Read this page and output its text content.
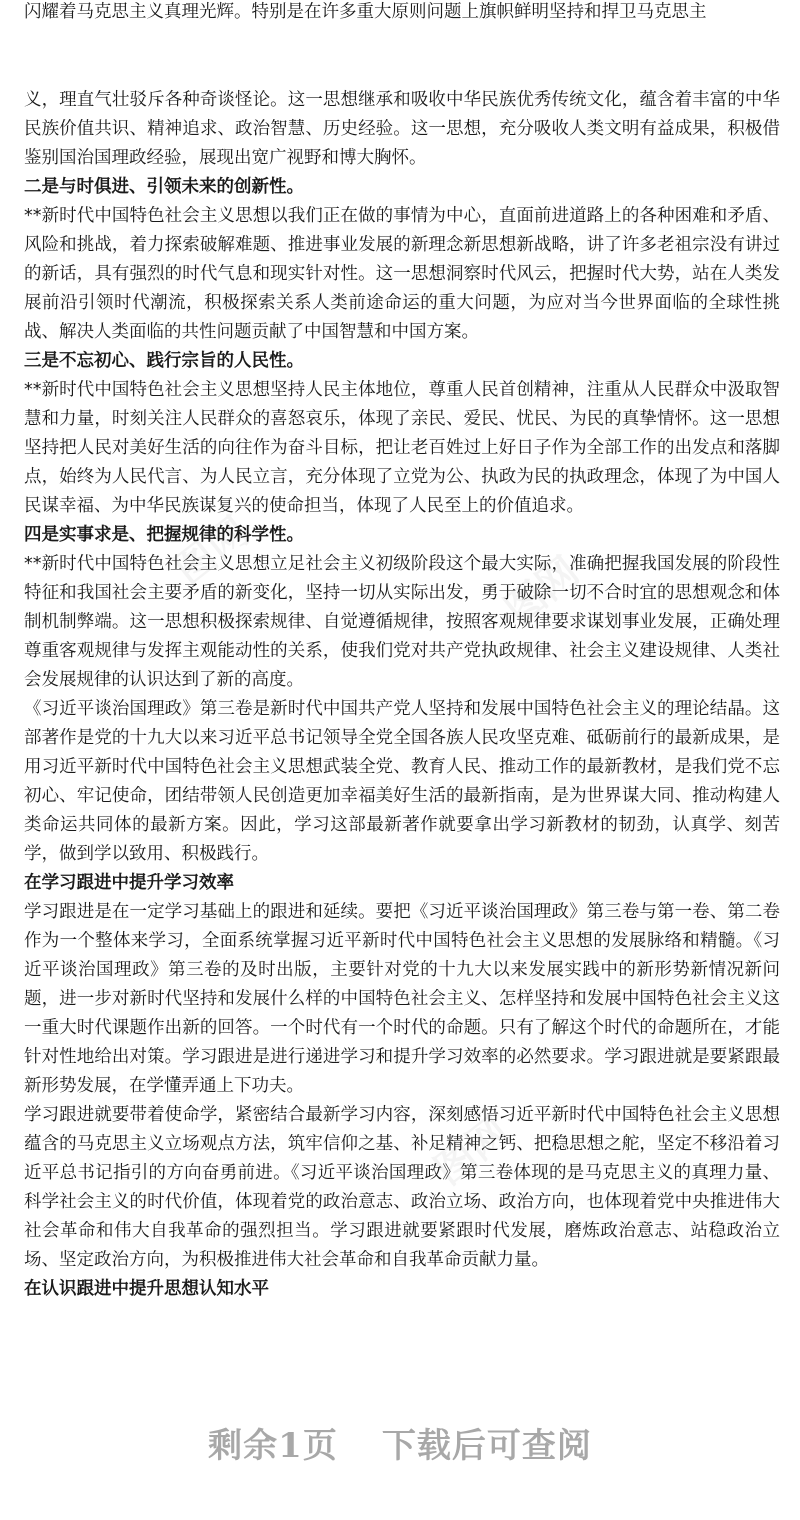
闪耀着马克思主义真理光辉。特别是在许多重大原则问题上旗帜鲜明坚持和捍卫马克思主

义，理直气壮驳斥各种奇谈怪论。这一思想继承和吸收中华民族优秀传统文化，蕴含着丰富的中华民族价值共识、精神追求、政治智慧、历史经验。这一思想，充分吸收人类文明有益成果，积极借鉴别国治国理政经验，展现出宽广视野和博大胸怀。

二是与时俱进、引领未来的创新性。

**新时代中国特色社会主义思想以我们正在做的事情为中心，直面前进道路上的各种困难和矛盾、风险和挑战，着力探索破解难题、推进事业发展的新理念新思想新战略，讲了许多老祖宗没有讲过的新话，具有强烈的时代气息和现实针对性。这一思想洞察时代风云，把握时代大势，站在人类发展前沿引领时代潮流，积极探索关系人类前途命运的重大问题，为应对当今世界面临的全球性挑战、解决人类面临的共性问题贡献了中国智慧和中国方案。

三是不忘初心、践行宗旨的人民性。

**新时代中国特色社会主义思想坚持人民主体地位，尊重人民首创精神，注重从人民群众中汲取智慧和力量，时刻关注人民群众的喜怒哀乐，体现了亲民、爱民、忧民、为民的真挚情怀。这一思想坚持把人民对美好生活的向往作为奋斗目标，把让老百姓过上好日子作为全部工作的出发点和落脚点，始终为人民代言、为人民立言，充分体现了立党为公、执政为民的执政理念，体现了为中国人民谋幸福、为中华民族谋复兴的使命担当，体现了人民至上的价值追求。

四是实事求是、把握规律的科学性。

**新时代中国特色社会主义思想立足社会主义初级阶段这个最大实际，准确把握我国发展的阶段性特征和我国社会主要矛盾的新变化，坚持一切从实际出发，勇于破除一切不合时宜的思想观念和体制机制弊端。这一思想积极探索规律、自觉遵循规律，按照客观规律要求谋划事业发展，正确处理尊重客观规律与发挥主观能动性的关系，使我们党对共产党执政规律、社会主义建设规律、人类社会发展规律的认识达到了新的高度。

《习近平谈治国理政》第三卷是新时代中国共产党人坚持和发展中国特色社会主义的理论结晶。这部著作是党的十九大以来习近平总书记领导全党全国各族人民攻坚克难、砥砺前行的最新成果，是用习近平新时代中国特色社会主义思想武装全党、教育人民、推动工作的最新教材，是我们党不忘初心、牢记使命，团结带领人民创造更加幸福美好生活的最新指南，是为世界谋大同、推动构建人类命运共同体的最新方案。因此，学习这部最新著作就要拿出学习新教材的韧劲，认真学、刻苦学，做到学以致用、积极践行。

在学习跟进中提升学习效率

学习跟进是在一定学习基础上的跟进和延续。要把《习近平谈治国理政》第三卷与第一卷、第二卷作为一个整体来学习，全面系统掌握习近平新时代中国特色社会主义思想的发展脉络和精髓。《习近平谈治国理政》第三卷的及时出版，主要针对党的十九大以来发展实践中的新形势新情况新问题，进一步对新时代坚持和发展什么样的中国特色社会主义、怎样坚持和发展中国特色社会主义这一重大时代课题作出新的回答。一个时代有一个时代的命题。只有了解这个时代的命题所在，才能针对性地给出对策。学习跟进是进行递进学习和提升学习效率的必然要求。学习跟进就是要紧跟最新形势发展，在学懂弄通上下功夫。

学习跟进就要带着使命学，紧密结合最新学习内容，深刻感悟习近平新时代中国特色社会主义思想蕴含的马克思主义立场观点方法，筑牢信仰之基、补足精神之钙、把稳思想之舵，坚定不移沿着习近平总书记指引的方向奋勇前进。《习近平谈治国理政》第三卷体现的是马克思主义的真理力量、科学社会主义的时代价值，体现着党的政治意志、政治立场、政治方向，也体现着党中央推进伟大社会革命和伟大自我革命的强烈担当。学习跟进就要紧跟时代发展，磨炼政治意志、站稳政治立场、坚定政治方向，为积极推进伟大社会革命和自我革命贡献力量。

在认识跟进中提升思想认知水平
剩余1页 下载后可查阅
